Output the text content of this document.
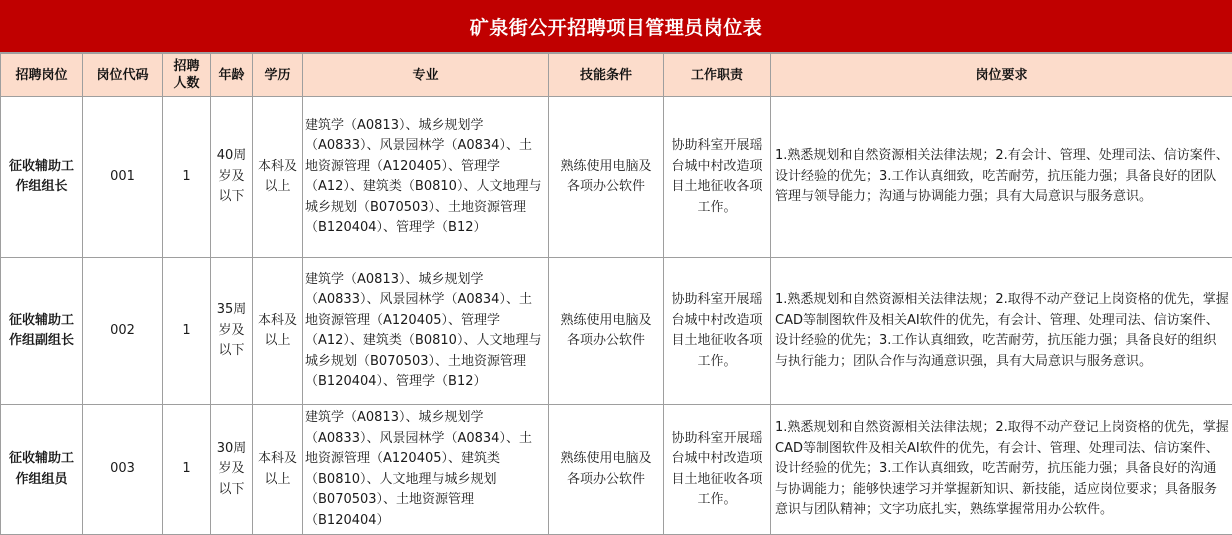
矿泉街公开招聘项目管理员岗位表
招聘岗位	岗位代码	招聘人数	年龄	学历	专业	技能条件	工作职责	岗位要求
征收辅助工作组组长	001	1	40周岁及以下	本科及以上	建筑学（A0813）、城乡规划学（A0833）、风景园林学（A0834）、土地资源管理（A120405）、管理学（A12）、建筑类（B0810）、人文地理与城乡规划（B070503）、土地资源管理（B120404）、管理学（B12）	熟练使用电脑及各项办公软件	协助科室开展瑶台城中村改造项目土地征收各项工作。	1.熟悉规划和自然资源相关法律法规；2.有会计、管理、处理司法、信访案件、设计经验的优先；3.工作认真细致，吃苦耐劳，抗压能力强；具备良好的团队管理与领导能力；沟通与协调能力强；具有大局意识与服务意识。
征收辅助工作组副组长	002	1	35周岁及以下	本科及以上	建筑学（A0813）、城乡规划学（A0833）、风景园林学（A0834）、土地资源管理（A120405）、管理学（A12）、建筑类（B0810）、人文地理与城乡规划（B070503）、土地资源管理（B120404）、管理学（B12）	熟练使用电脑及各项办公软件	协助科室开展瑶台城中村改造项目土地征收各项工作。	1.熟悉规划和自然资源相关法律法规；2.取得不动产登记上岗资格的优先，掌握CAD等制图软件及相关AI软件的优先，有会计、管理、处理司法、信访案件、设计经验的优先；3.工作认真细致，吃苦耐劳，抗压能力强；具备良好的组织与执行能力；团队合作与沟通意识强，具有大局意识与服务意识。
征收辅助工作组组员	003	1	30周岁及以下	本科及以上	建筑学（A0813）、城乡规划学（A0833）、风景园林学（A0834）、土地资源管理（A120405）、建筑类（B0810）、人文地理与城乡规划（B070503）、土地资源管理（B120404）	熟练使用电脑及各项办公软件	协助科室开展瑶台城中村改造项目土地征收各项工作。	1.熟悉规划和自然资源相关法律法规；2.取得不动产登记上岗资格的优先，掌握CAD等制图软件及相关AI软件的优先，有会计、管理、处理司法、信访案件、设计经验的优先；3.工作认真细致，吃苦耐劳，抗压能力强；具备良好的沟通与协调能力；能够快速学习并掌握新知识、新技能，适应岗位要求；具备服务意识与团队精神；文字功底扎实，熟练掌握常用办公软件。
